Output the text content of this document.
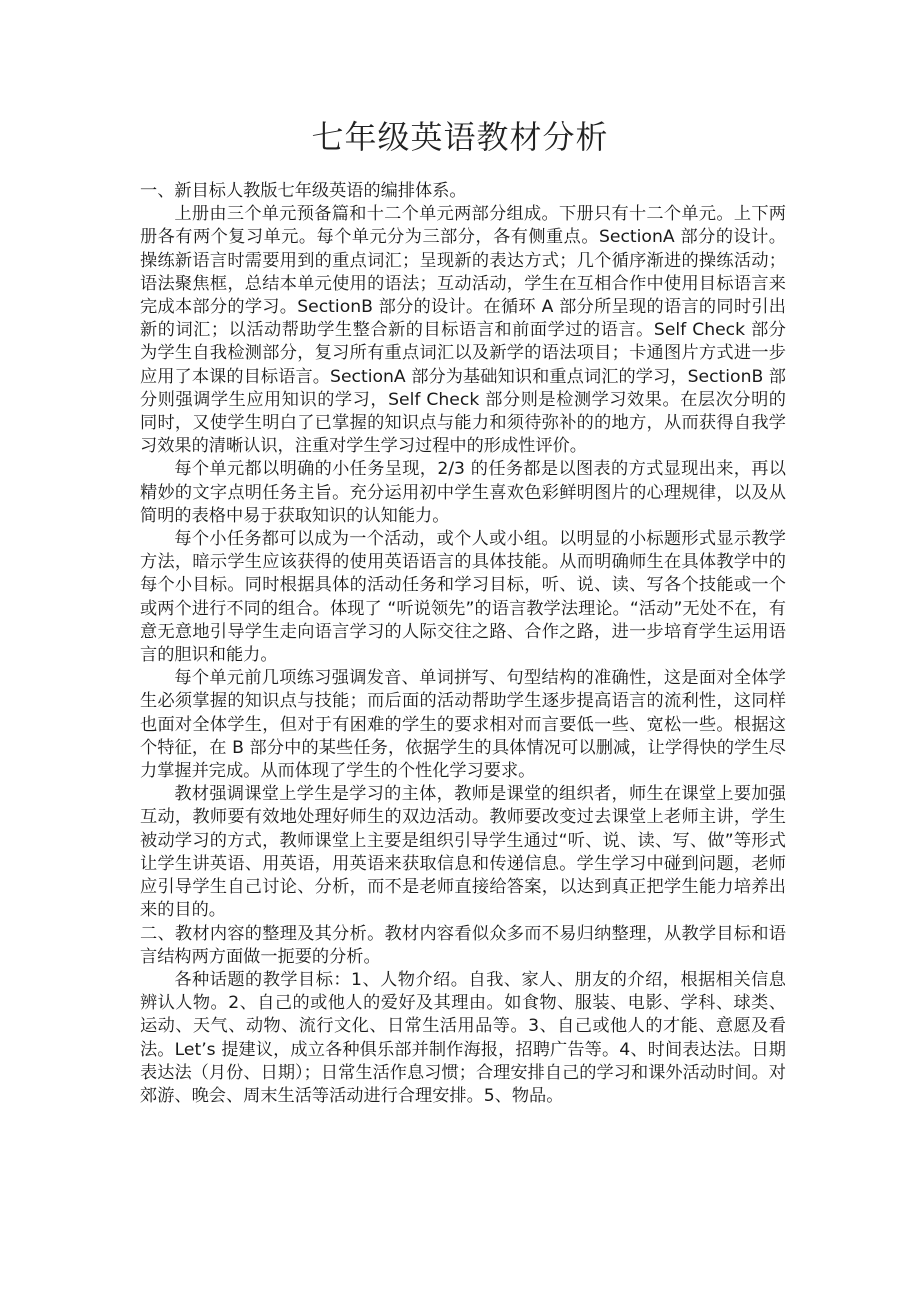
七年级英语教材分析

一、新目标人教版七年级英语的编排体系。

上册由三个单元预备篇和十二个单元两部分组成。下册只有十二个单元。上下两册各有两个复习单元。每个单元分为三部分，各有侧重点。SectionA 部分的设计。操练新语言时需要用到的重点词汇；呈现新的表达方式；几个循序渐进的操练活动；语法聚焦框，总结本单元使用的语法；互动活动，学生在互相合作中使用目标语言来完成本部分的学习。SectionB 部分的设计。在循环 A 部分所呈现的语言的同时引出新的词汇；以活动帮助学生整合新的目标语言和前面学过的语言。Self Check 部分为学生自我检测部分，复习所有重点词汇以及新学的语法项目；卡通图片方式进一步应用了本课的目标语言。SectionA 部分为基础知识和重点词汇的学习，SectionB 部分则强调学生应用知识的学习，Self Check 部分则是检测学习效果。在层次分明的同时，又使学生明白了已掌握的知识点与能力和须待弥补的的地方，从而获得自我学习效果的清晰认识，注重对学生学习过程中的形成性评价。

每个单元都以明确的小任务呈现，2/3 的任务都是以图表的方式显现出来，再以精妙的文字点明任务主旨。充分运用初中学生喜欢色彩鲜明图片的心理规律，以及从简明的表格中易于获取知识的认知能力。

每个小任务都可以成为一个活动，或个人或小组。以明显的小标题形式显示教学方法，暗示学生应该获得的使用英语语言的具体技能。从而明确师生在具体教学中的每个小目标。同时根据具体的活动任务和学习目标，听、说、读、写各个技能或一个或两个进行不同的组合。体现了 “听说领先”的语言教学法理论。“活动”无处不在，有意无意地引导学生走向语言学习的人际交往之路、合作之路，进一步培育学生运用语言的胆识和能力。

每个单元前几项练习强调发音、单词拼写、句型结构的准确性，这是面对全体学生必须掌握的知识点与技能；而后面的活动帮助学生逐步提高语言的流利性，这同样也面对全体学生，但对于有困难的学生的要求相对而言要低一些、宽松一些。根据这个特征，在 B 部分中的某些任务，依据学生的具体情况可以删减，让学得快的学生尽力掌握并完成。从而体现了学生的个性化学习要求。

教材强调课堂上学生是学习的主体，教师是课堂的组织者，师生在课堂上要加强互动，教师要有效地处理好师生的双边活动。教师要改变过去课堂上老师主讲，学生被动学习的方式，教师课堂上主要是组织引导学生通过“听、说、读、写、做”等形式让学生讲英语、用英语，用英语来获取信息和传递信息。学生学习中碰到问题，老师应引导学生自己讨论、分析，而不是老师直接给答案，以达到真正把学生能力培养出来的目的。

二、教材内容的整理及其分析。教材内容看似众多而不易归纳整理，从教学目标和语言结构两方面做一扼要的分析。

各种话题的教学目标：1、人物介绍。自我、家人、朋友的介绍，根据相关信息辨认人物。2、自己的或他人的爱好及其理由。如食物、服装、电影、学科、球类、运动、天气、动物、流行文化、日常生活用品等。3、自己或他人的才能、意愿及看法。Let’s 提建议，成立各种俱乐部并制作海报，招聘广告等。4、时间表达法。日期表达法（月份、日期）；日常生活作息习惯；合理安排自己的学习和课外活动时间。对郊游、晚会、周末生活等活动进行合理安排。5、物品。
